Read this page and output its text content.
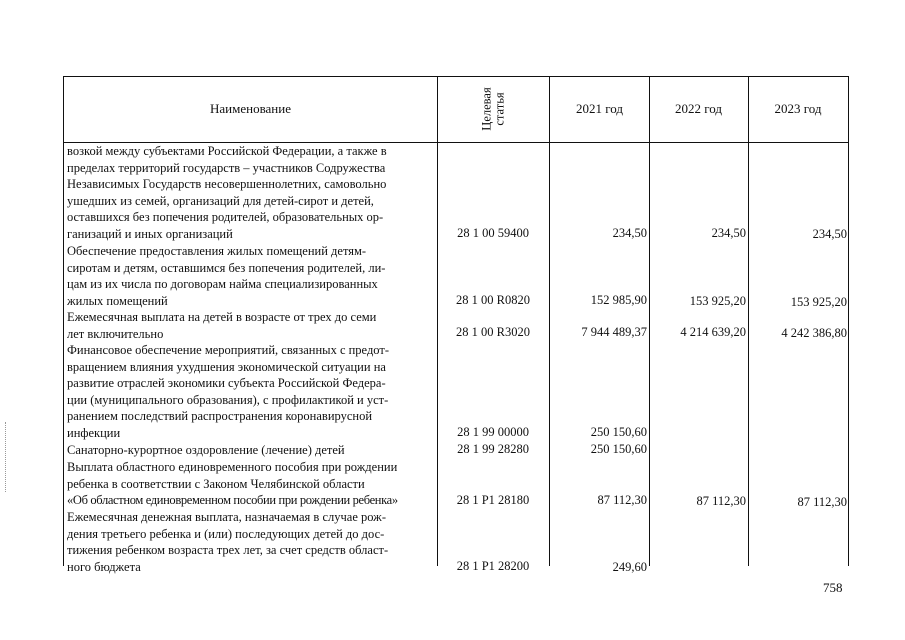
Наименование	Целевая статья	2021 год	2022 год	2023 год
возкой между субъектами Российской Федерации, а также в
пределах территорий государств – участников Содружества
Независимых Государств несовершеннолетних, самовольно
ушедших из семей, организаций для детей-сирот и детей,
оставшихся без попечения родителей, образовательных ор-
ганизаций и иных организаций	28 1 00 59400	234,50	234,50	234,50
Обеспечение предоставления жилых помещений детям-
сиротам и детям, оставшимся без попечения родителей, ли-
цам из их числа по договорам найма специализированных
жилых помещений	28 1 00 R0820	152 985,90	153 925,20	153 925,20
Ежемесячная выплата на детей в возрасте от трех до семи
лет включительно	28 1 00 R3020	7 944 489,37	4 214 639,20	4 242 386,80
Финансовое обеспечение мероприятий, связанных с предот-
вращением влияния ухудшения экономической ситуации на
развитие отраслей экономики субъекта Российской Федера-
ции (муниципального образования), с профилактикой и уст-
ранением последствий распространения коронавирусной
инфекции	28 1 99 00000	250 150,60
Санаторно-курортное оздоровление (лечение) детей	28 1 99 28280	250 150,60
Выплата областного единовременного пособия при рождении
ребенка в соответствии с Законом Челябинской области
«Об областном единовременном пособии при рождении ребенка»	28 1 P1 28180	87 112,30	87 112,30	87 112,30
Ежемесячная денежная выплата, назначаемая в случае рож-
дения третьего ребенка и (или) последующих детей до дос-
тижения ребенком возраста трех лет, за счет средств област-
ного бюджета	28 1 P1 28200	249,60
758
